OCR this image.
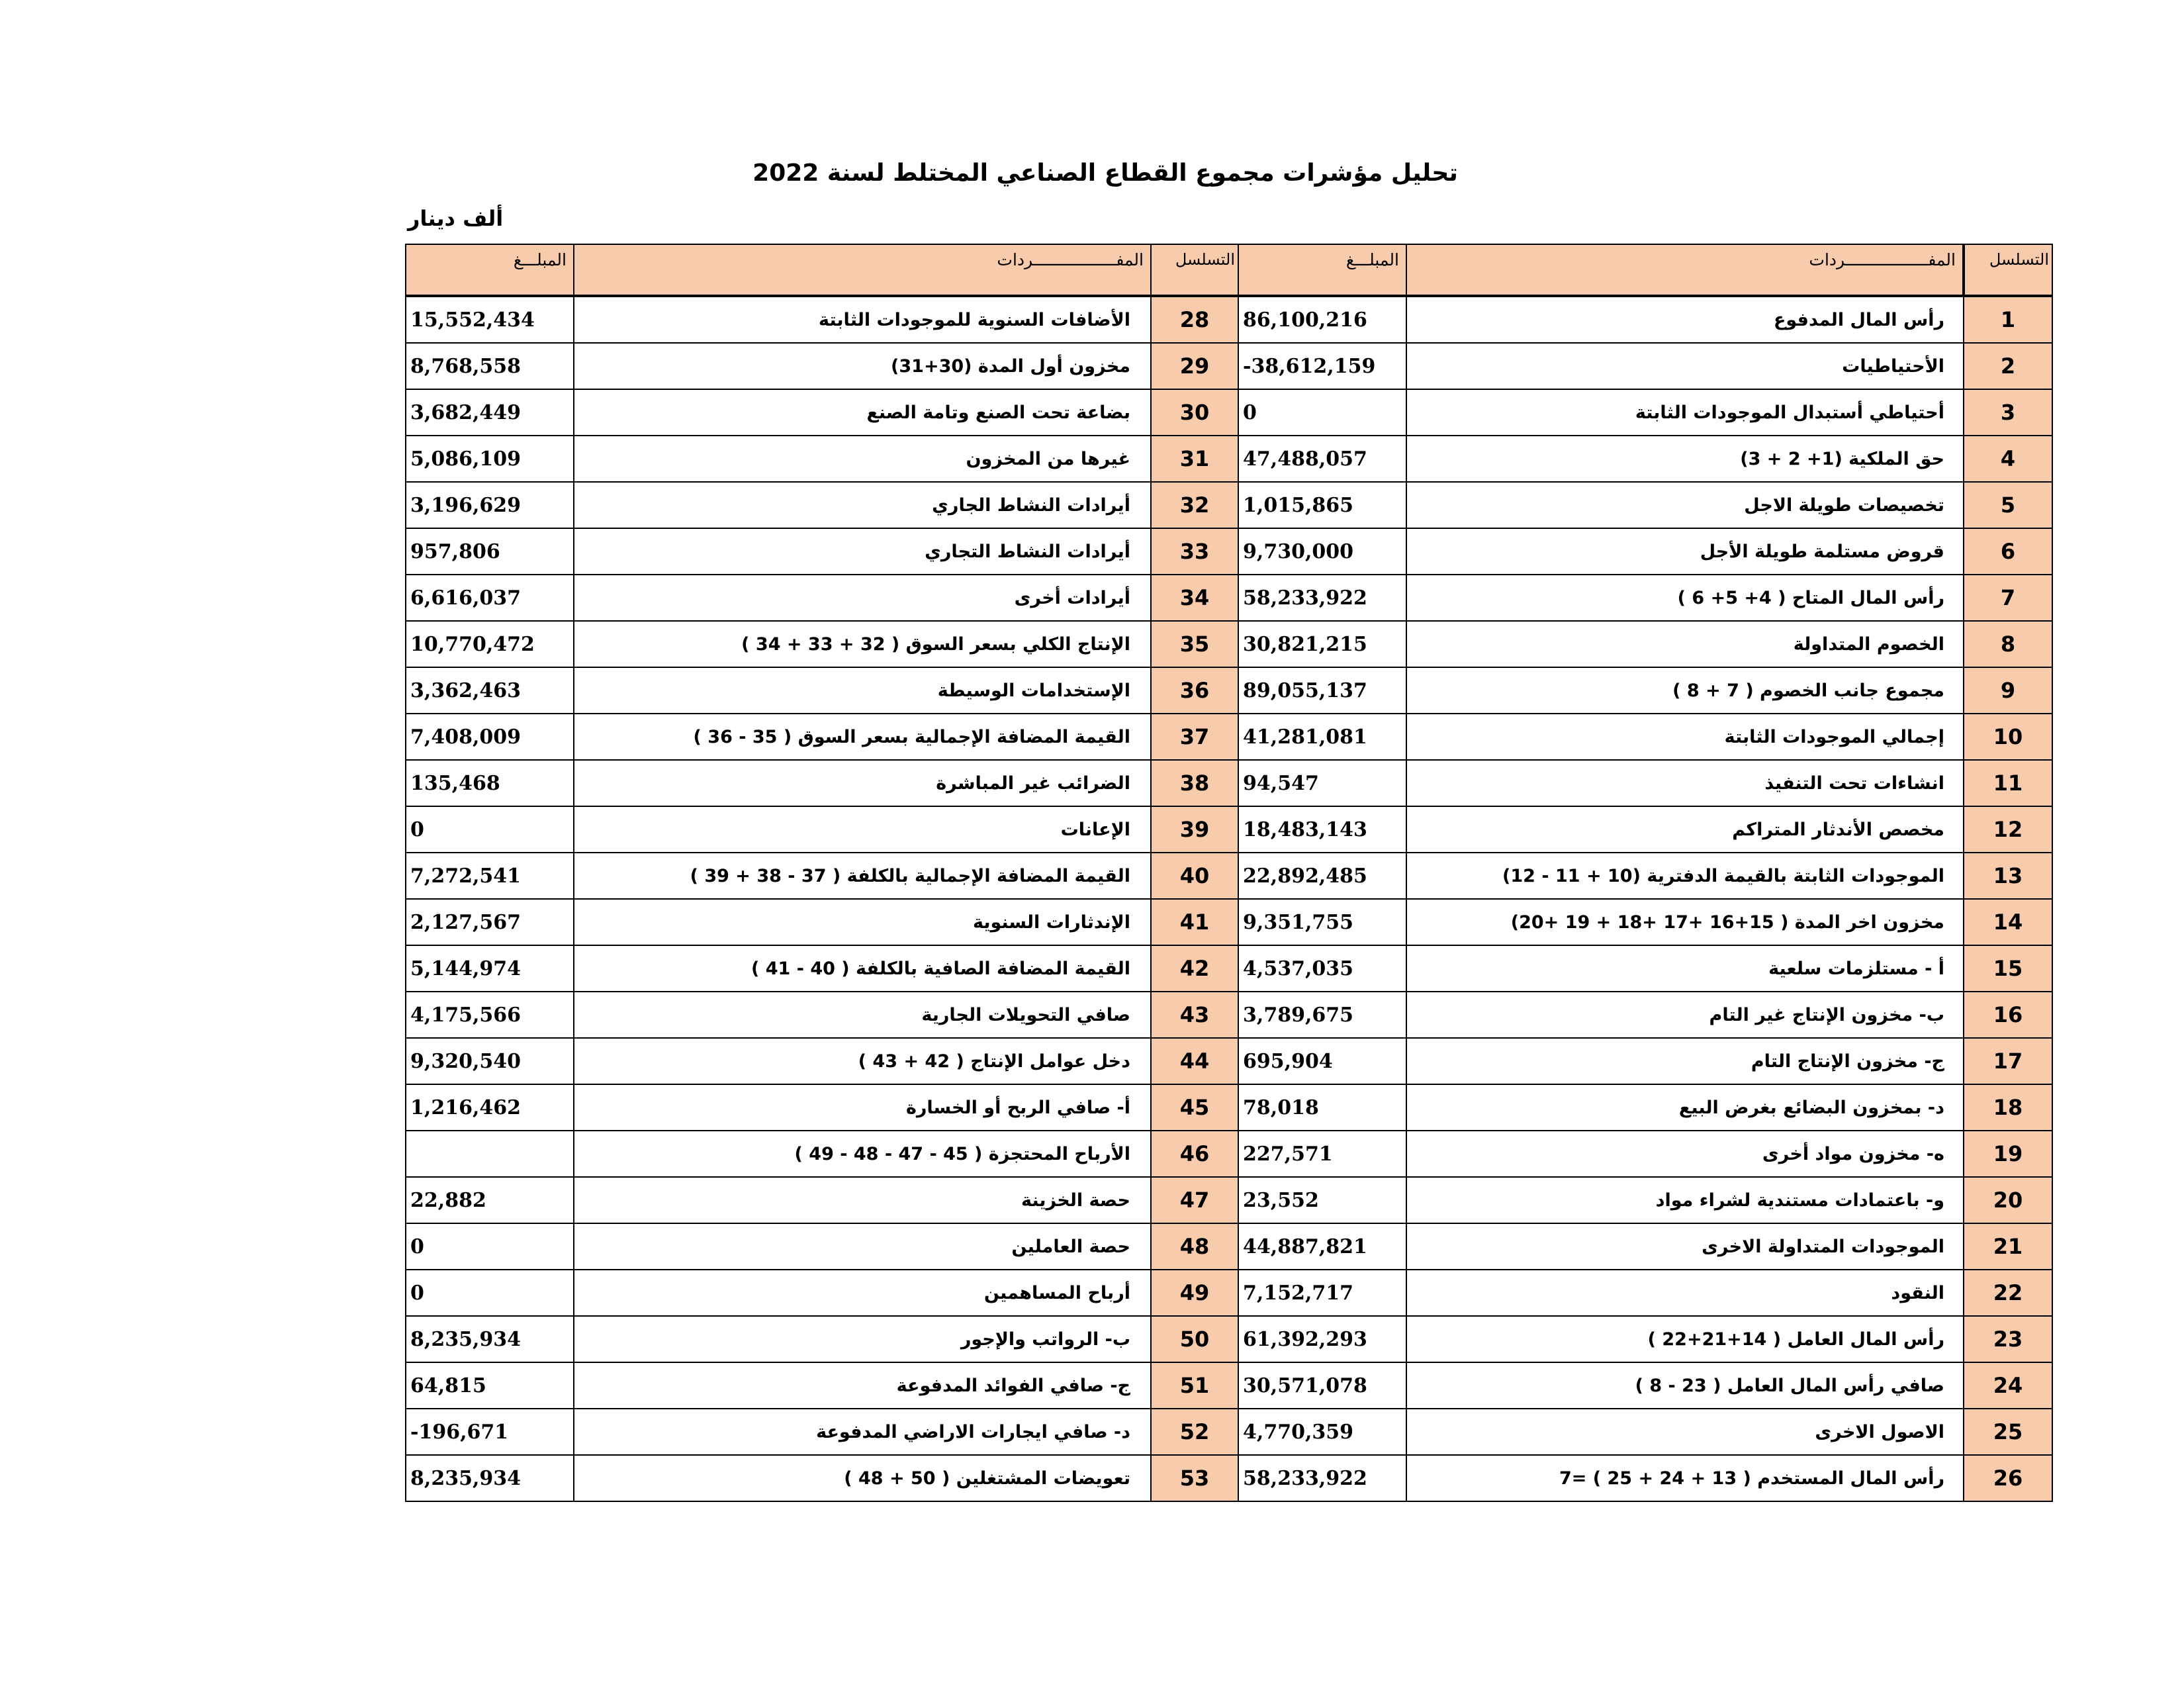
تحليل مؤشرات مجموع القطاع الصناعي المختلط لسنة 2022
ألف دينار
المبلـــغ	المفـــــــــــــــــردات	التسلسل	المبلـــغ	المفـــــــــــــــــردات	التسلسل
15,552,434	الأضافات السنوية للموجودات الثابتة	28	86,100,216	رأس المال المدفوع	1
8,768,558	مخزون أول المدة (30+31)	29	-38,612,159	الأحتياطيات	2
3,682,449	بضاعة تحت الصنع وتامة الصنع	30	0	أحتياطي أستبدال الموجودات الثابتة	3
5,086,109	غيرها من المخزون	31	47,488,057	حق الملكية (1+ 2 + 3)	4
3,196,629	أيرادات النشاط الجاري	32	1,015,865	تخصيصات طويلة الاجل	5
957,806	أيرادات النشاط التجاري	33	9,730,000	قروض مستلمة طويلة الأجل	6
6,616,037	أيرادات أخرى	34	58,233,922	رأس المال المتاح ( 4+ 5+ 6 )	7
10,770,472	الإنتاج الكلي بسعر السوق ( 32 + 33 + 34 )	35	30,821,215	الخصوم المتداولة	8
3,362,463	الإستخدامات الوسيطة	36	89,055,137	مجموع جانب الخصوم ( 7 + 8 )	9
7,408,009	القيمة المضافة الإجمالية بسعر السوق ( 35 - 36 )	37	41,281,081	إجمالي الموجودات الثابتة	10
135,468	الضرائب غير المباشرة	38	94,547	انشاءات تحت التنفيذ	11
0	الإعانات	39	18,483,143	مخصص الأندثار المتراكم	12
7,272,541	القيمة المضافة الإجمالية بالكلفة ( 37 - 38 + 39 )	40	22,892,485	الموجودات الثابتة بالقيمة الدفترية (10 + 11 - 12)	13
2,127,567	الإندثارات السنوية	41	9,351,755	مخزون اخر المدة ( 15+16 +17 +18 + 19 +20)	14
5,144,974	القيمة المضافة الصافية بالكلفة ( 40 - 41 )	42	4,537,035	أ - مستلزمات سلعية	15
4,175,566	صافي التحويلات الجارية	43	3,789,675	ب- مخزون الإنتاج غير التام	16
9,320,540	دخل عوامل الإنتاج ( 42 + 43 )	44	695,904	ج- مخزون الإنتاج التام	17
1,216,462	أ- صافي الربح أو الخسارة	45	78,018	د- بمخزون البضائع بغرض البيع	18
	الأرباح المحتجزة ( 45 - 47 - 48 - 49 )	46	227,571	ه- مخزون مواد أخرى	19
22,882	حصة الخزينة	47	23,552	و- باعتمادات مستندية لشراء مواد	20
0	حصة العاملين	48	44,887,821	الموجودات المتداولة الاخرى	21
0	أرباح المساهمين	49	7,152,717	النقود	22
8,235,934	ب- الرواتب والإجور	50	61,392,293	رأس المال العامل ( 14+21+22 )	23
64,815	ج- صافي الفوائد المدفوعة	51	30,571,078	صافي رأس المال العامل ( 23 - 8 )	24
-196,671	د- صافي ايجارات الاراضي المدفوعة	52	4,770,359	الاصول الاخرى	25
8,235,934	تعويضات المشتغلين ( 50 + 48 )	53	58,233,922	رأس المال المستخدم ( 13 + 24 + 25 ) =7	26
